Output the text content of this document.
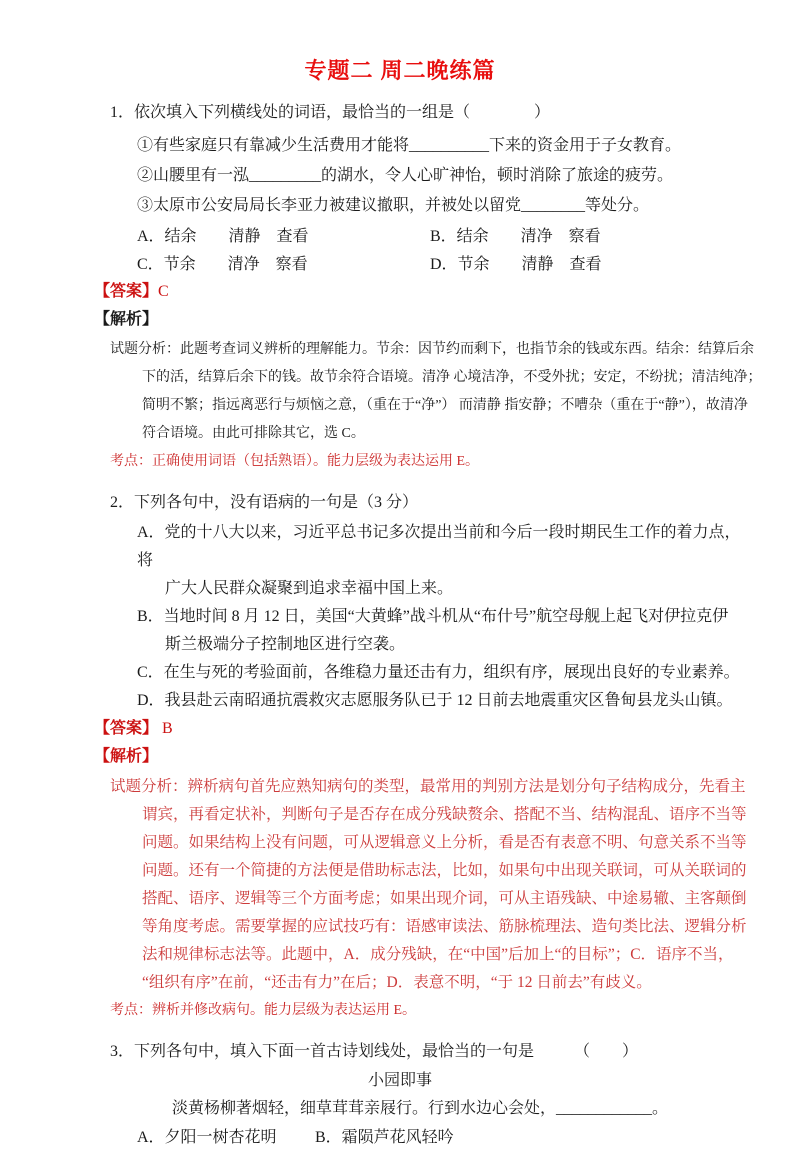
专题二 周二晚练篇
1．依次填入下列横线处的词语，最恰当的一组是（　　　　）
①有些家庭只有靠减少生活费用才能将__________下来的资金用于子女教育。
②山腰里有一泓_________的湖水，令人心旷神怡，顿时消除了旅途的疲劳。
③太原市公安局局长李亚力被建议撤职，并被处以留党________等处分。
A．结余　　清静　查看	B．结余　　清净　察看
C．节余　　清净　察看	D．节余　　清静　查看
【答案】C
【解析】
试题分析：此题考查词义辨析的理解能力。节余：因节约而剩下，也指节余的钱或东西。结余：结算后余
下的活，结算后余下的钱。故节余符合语境。清净 心境洁净，不受外扰；安定，不纷扰；清洁纯净；
简明不繁；指远离恶行与烦恼之意，（重在于“净”） 而清静 指安静；不嘈杂（重在于“静”），故清净
符合语境。由此可排除其它，选 C。
考点：正确使用词语（包括熟语）。能力层级为表达运用 E。
2．下列各句中，没有语病的一句是（3 分）
A．党的十八大以来，习近平总书记多次提出当前和今后一段时期民生工作的着力点，将
广大人民群众凝聚到追求幸福中国上来。
B．当地时间 8 月 12 日，美国“大黄蜂”战斗机从“布什号”航空母舰上起飞对伊拉克伊
斯兰极端分子控制地区进行空袭。
C．在生与死的考验面前，各维稳力量还击有力，组织有序，展现出良好的专业素养。
D．我县赴云南昭通抗震救灾志愿服务队已于 12 日前去地震重灾区鲁甸县龙头山镇。
【答案】 B
【解析】
试题分析：辨析病句首先应熟知病句的类型，最常用的判别方法是划分句子结构成分，先看主
谓宾，再看定状补，判断句子是否存在成分残缺赘余、搭配不当、结构混乱、语序不当等
问题。如果结构上没有问题，可从逻辑意义上分析，看是否有表意不明、句意关系不当等
问题。还有一个简捷的方法便是借助标志法，比如，如果句中出现关联词，可从关联词的
搭配、语序、逻辑等三个方面考虑；如果出现介词，可从主语残缺、中途易辙、主客颠倒
等角度考虑。需要掌握的应试技巧有：语感审读法、筋脉梳理法、造句类比法、逻辑分析
法和规律标志法等。此题中，A．成分残缺，在“中国”后加上“的目标”；C．语序不当，
“组织有序”在前，“还击有力”在后；D．表意不明，“于 12 日前去”有歧义。
考点：辨析并修改病句。能力层级为表达运用 E。
3．下列各句中，填入下面一首古诗划线处，最恰当的一句是　　　（　　）
小园即事
淡黄杨柳著烟轻，细草茸茸亲屐行。行到水边心会处，____________。
A．夕阳一树杏花明	B．霜陨芦花风轻吟
